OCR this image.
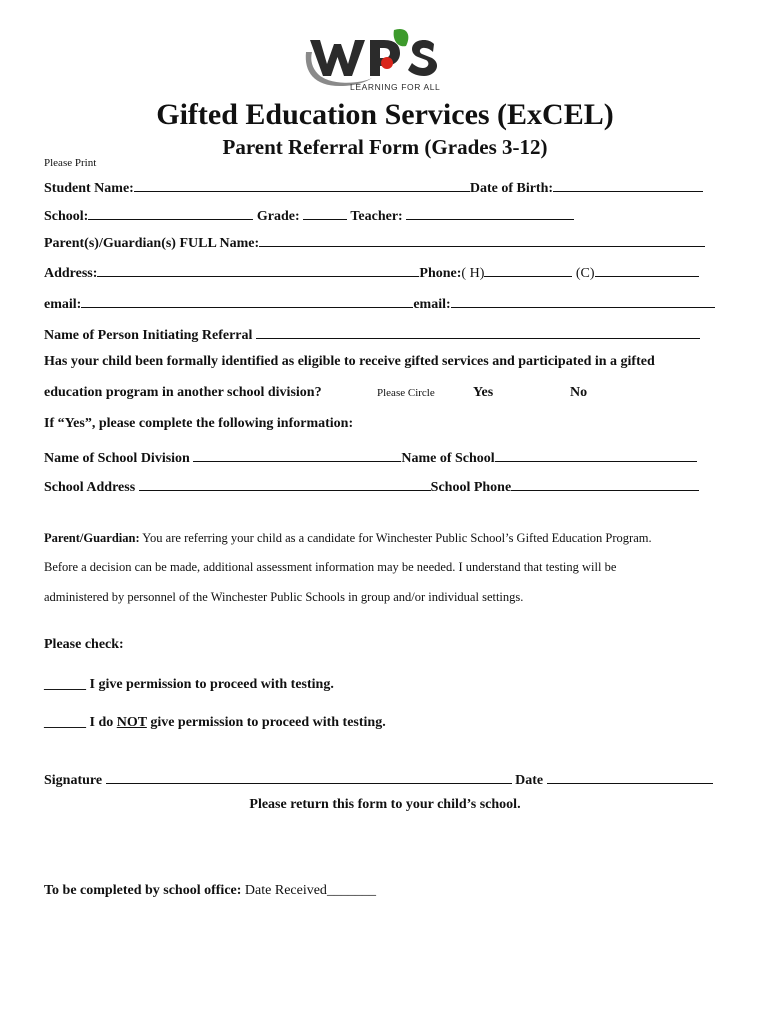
LEARNING FOR ALL
Gifted Education Services (ExCEL)
Parent Referral Form (Grades 3-12)
Please Print
Student Name:	Date of Birth:
School:	Grade:	Teacher:
Parent(s)/Guardian(s) FULL Name:
Address:	Phone:( H)	(C)
email:	email:
Name of Person Initiating Referral
Has your child been formally identified as eligible to receive gifted services and participated in a gifted
education program in another school division?	Please Circle	Yes	No
If “Yes”, please complete the following information:
Name of School Division	Name of School
School Address	School Phone
Parent/Guardian: You are referring your child as a candidate for Winchester Public School’s Gifted Education Program.
Before a decision can be made, additional assessment information may be needed. I understand that testing will be
administered by personnel of the Winchester Public Schools in group and/or individual settings.
Please check:
______ I give permission to proceed with testing.
______ I do NOT give permission to proceed with testing.
Signature	Date
Please return this form to your child’s school.
To be completed by school office: Date Received_______
